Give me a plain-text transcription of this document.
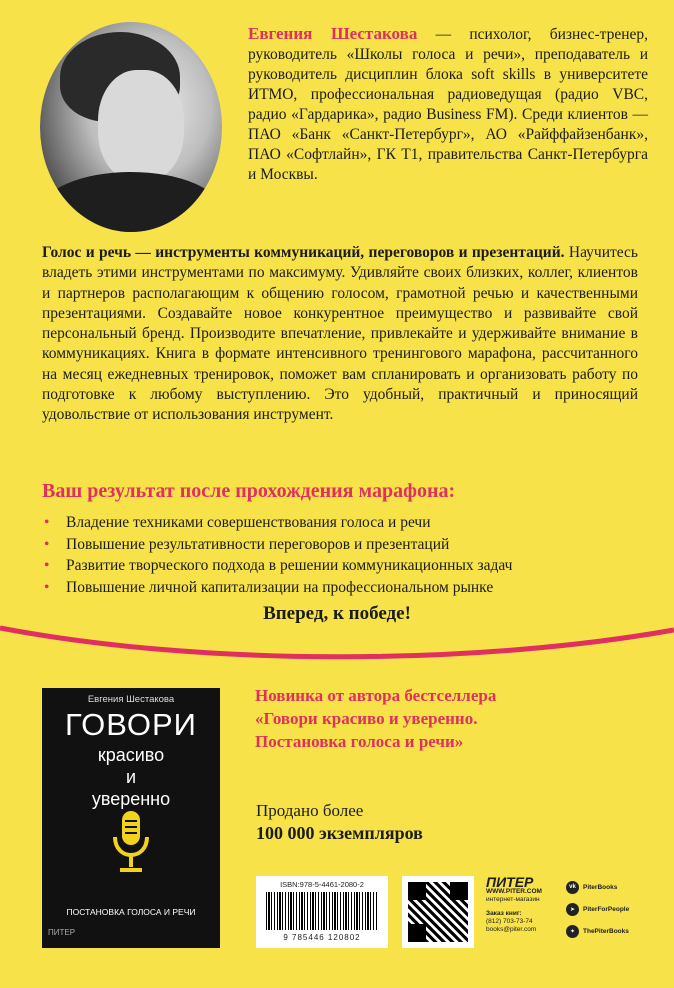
Евгения Шестакова — психолог, бизнес-тренер, руководитель «Школы голоса и речи», преподаватель и руководитель дисциплин блока soft skills в университете ИТМО, профессиональная радиоведущая (радио VBC, радио «Гардарика», радио Business FM). Среди клиентов — ПАО «Банк «Санкт-Петербург», АО «Райффайзенбанк», ПАО «Софтлайн», ГК Т1, правительства Санкт-Петербурга и Москвы.
Голос и речь — инструменты коммуникаций, переговоров и презентаций. Научитесь владеть этими инструментами по максимуму. Удивляйте своих близких, коллег, клиентов и партнеров располагающим к общению голосом, грамотной речью и качественными презентациями. Создавайте новое конкурентное преимущество и развивайте свой персональный бренд. Производите впечатление, привлекайте и удерживайте внимание в коммуникациях. Книга в формате интенсивного тренингового марафона, рассчитанного на месяц ежедневных тренировок, поможет вам спланировать и организовать работу по подготовке к любому выступлению. Это удобный, практичный и приносящий удовольствие от использования инструмент.
Ваш результат после прохождения марафона:
• Владение техниками совершенствования голоса и речи
• Повышение результативности переговоров и презентаций
• Развитие творческого подхода в решении коммуникационных задач
• Повышение личной капитализации на профессиональном рынке
Вперед, к победе!
Евгения Шестакова
ГОВОРИ
красиво
и
уверенно
ПОСТАНОВКА ГОЛОСА И РЕЧИ
ПИТЕР
Новинка от автора бестселлера
«Говори красиво и уверенно.
Постановка голоса и речи»
Продано более
100 000 экземпляров
ISBN:978-5-4461-2080-2
9 785446 120802
ПИТЕР
WWW.PITER.COM
интернет-магазин
Заказ книг:
(812) 703-73-74
books@piter.com
vk	PiterBooks
➤	PiterForPeople
✦	ThePiterBooks
